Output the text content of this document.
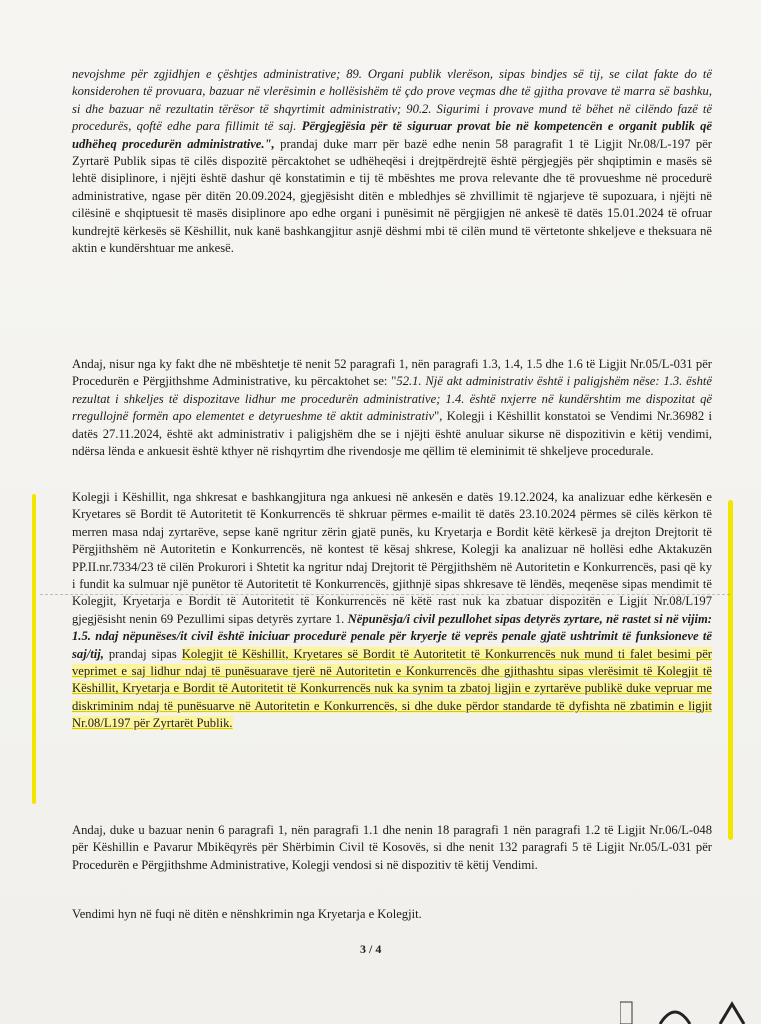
nevojshme për zgjidhjen e çështjes administrative; 89. Organi publik vlerëson, sipas bindjes së tij, se cilat fakte do të konsiderohen të provuara, bazuar në vlerësimin e hollësishëm të çdo prove veçmas dhe të gjitha provave të marra së bashku, si dhe bazuar në rezultatin tërësor të shqyrtimit administrativ; 90.2. Sigurimi i provave mund të bëhet në cilëndo fazë të procedurës, qoftë edhe para fillimit të saj. Përgjegjësia për të siguruar provat bie në kompetencën e organit publik që udhëheq procedurën administrative.", prandaj duke marr për bazë edhe nenin 58 paragrafit 1 të Ligjit Nr.08/L-197 për Zyrtarë Publik sipas të cilës dispozitë përcaktohet se udhëheqësi i drejtpërdrejtë është përgjegjës për shqiptimin e masës së lehtë disiplinore, i njëjti është dashur që konstatimin e tij të mbështes me prova relevante dhe të provueshme në procedurë administrative, ngase për ditën 20.09.2024, gjegjësisht ditën e mbledhjes së zhvillimit të ngjarjeve të supozuara, i njëjti në cilësinë e shqiptuesit të masës disiplinore apo edhe organi i punësimit në përgjigjen në ankesë të datës 15.01.2024 të ofruar kundrejtë kërkesës së Këshillit, nuk kanë bashkangjitur asnjë dëshmi mbi të cilën mund të vërtetonte shkeljeve e theksuara në aktin e kundërshtuar me ankesë.

Andaj, nisur nga ky fakt dhe në mbështetje të nenit 52 paragrafi 1, nën paragrafi 1.3, 1.4, 1.5 dhe 1.6 të Ligjit Nr.05/L-031 për Procedurën e Përgjithshme Administrative, ku përcaktohet se: "52.1. Një akt administrativ është i paligjshëm nëse: 1.3. është rezultat i shkeljes të dispozitave lidhur me procedurën administrative; 1.4. është nxjerre në kundërshtim me dispozitat që rregullojnë formën apo elementet e detyrueshme të aktit administrativ", Kolegji i Këshillit konstatoi se Vendimi Nr.36982 i datës 27.11.2024, është akt administrativ i paligjshëm dhe se i njëjti është anuluar sikurse në dispozitivin e këtij vendimi, ndërsa lënda e ankuesit është kthyer në rishqyrtim dhe rivendosje me qëllim të eleminimit të shkeljeve procedurale.

Kolegji i Këshillit, nga shkresat e bashkangjitura nga ankuesi në ankesën e datës 19.12.2024, ka analizuar edhe kërkesën e Kryetares së Bordit të Autoritetit të Konkurrencës të shkruar përmes e-mailit të datës 23.10.2024 përmes së cilës kërkon të merren masa ndaj zyrtarëve, sepse kanë ngritur zërin gjatë punës, ku Kryetarja e Bordit këtë kërkesë ja drejton Drejtorit të Përgjithshëm në Autoritetin e Konkurrencës, në kontest të kësaj shkrese, Kolegji ka analizuar në hollësi edhe Aktakuzën PP.II.nr.7334/23 të cilën Prokurori i Shtetit ka ngritur ndaj Drejtorit të Përgjithshëm në Autoritetin e Konkurrencës, pasi që ky i fundit ka sulmuar një punëtor të Autoritetit të Konkurrencës, gjithnjë sipas shkresave të lëndës, meqenëse sipas mendimit të Kolegjit, Kryetarja e Bordit të Autoritetit të Konkurrencës në këtë rast nuk ka zbatuar dispozitën e Ligjit Nr.08/L197 gjegjësisht nenin 69 Pezullimi sipas detyrës zyrtare 1. Nëpunësja/i civil pezullohet sipas detyrës zyrtare, në rastet si në vijim: 1.5. ndaj nëpunëses/it civil është iniciuar procedurë penale për kryerje të veprës penale gjatë ushtrimit të funksioneve të saj/tij, prandaj sipas Kolegjit të Këshillit, Kryetares së Bordit të Autoritetit të Konkurrencës nuk mund ti falet besimi për veprimet e saj lidhur ndaj të punësuarave tjerë në Autoritetin e Konkurrencës dhe gjithashtu sipas vlerësimit të Kolegjit të Këshillit, Kryetarja e Bordit të Autoritetit të Konkurrencës nuk ka synim ta zbatoj ligjin e zyrtarëve publikë duke vepruar me diskriminim ndaj të punësuarve në Autoritetin e Konkurrencës, si dhe duke përdor standarde të dyfishta në zbatimin e ligjit Nr.08/L197 për Zyrtarët Publik.

Andaj, duke u bazuar nenin 6 paragrafi 1, nën paragrafi 1.1 dhe nenin 18 paragrafi 1 nën paragrafi 1.2 të Ligjit Nr.06/L-048 për Këshillin e Pavarur Mbikëqyrës për Shërbimin Civil të Kosovës, si dhe nenit 132 paragrafi 5 të Ligjit Nr.05/L-031 për Procedurën e Përgjithshme Administrative, Kolegji vendosi si në dispozitiv të këtij Vendimi.

Vendimi hyn në fuqi në ditën e nënshkrimin nga Kryetarja e Kolegjit.

3 / 4
